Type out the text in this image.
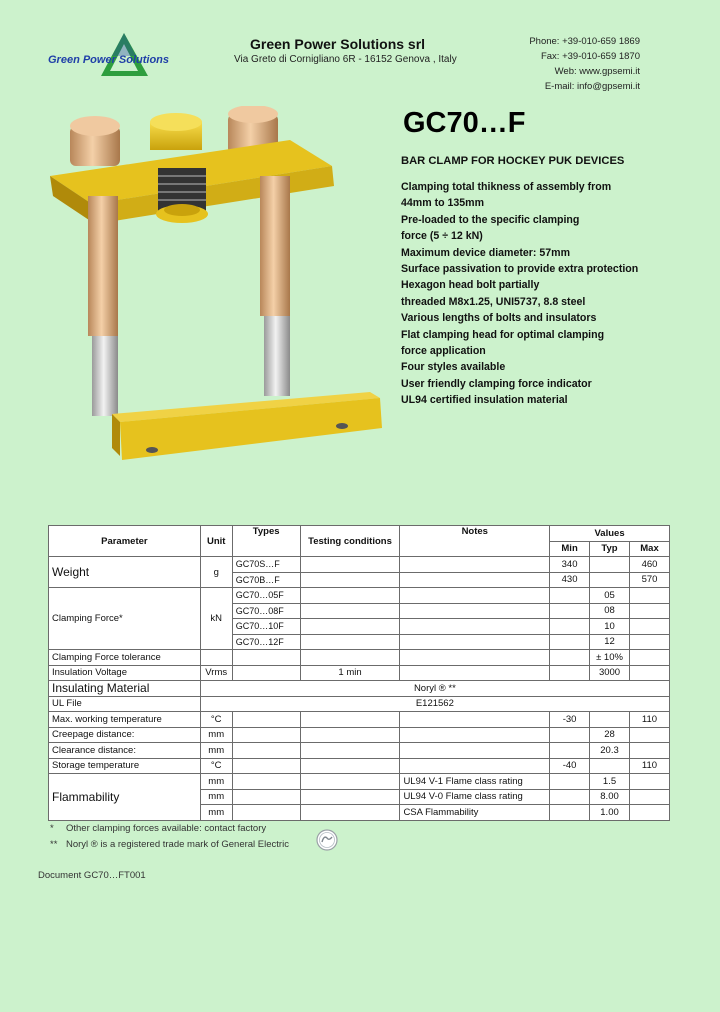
Green Power Solutions
Green Power Solutions srl
Via Greto di Cornigliano 6R - 16152 Genova , Italy
Phone: +39-010-659 1869
Fax: +39-010-659 1870
Web: www.gpsemi.it
E-mail: info@gpsemi.it
GC70…F
BAR CLAMP FOR HOCKEY PUK DEVICES
Clamping total thikness of assembly from
44mm to 135mm
Pre-loaded to the specific clamping
force (5 ÷ 12 kN)
Maximum device diameter: 57mm
Surface passivation to provide extra protection
Hexagon head bolt partially
threaded M8x1.25, UNI5737, 8.8 steel
Various lengths of bolts and insulators
Flat clamping head for optimal clamping
force application
Four styles available
User friendly clamping force indicator
UL94 certified insulation material
Parameter	Unit	Types	Testing conditions	Notes	Values		
					Min	Typ	Max
Weight	g	GC70S…F			340		460
		GC70B…F			430		570
Clamping Force*	kN	GC70…05F				05	
		GC70…08F				08	
		GC70…10F				10	
		GC70…12F				12	
Clamping Force tolerance						± 10%	
Insulation Voltage	Vrms		1 min			3000	
Insulating Material	Noryl ® **						
UL File	E121562						
Max. working temperature	°C				-30		110
Creepage distance:	mm					28	
Clearance distance:	mm					20.3	
Storage temperature	°C				-40		110
Flammability	mm			UL94 V-1 Flame class rating		1.5	
	mm			UL94 V-0 Flame class rating		8.00	
	mm			CSA Flammability		1.00	
* Other clamping forces available: contact factory
** Noryl ® is a registered trade mark of General Electric
Document GC70…FT001
